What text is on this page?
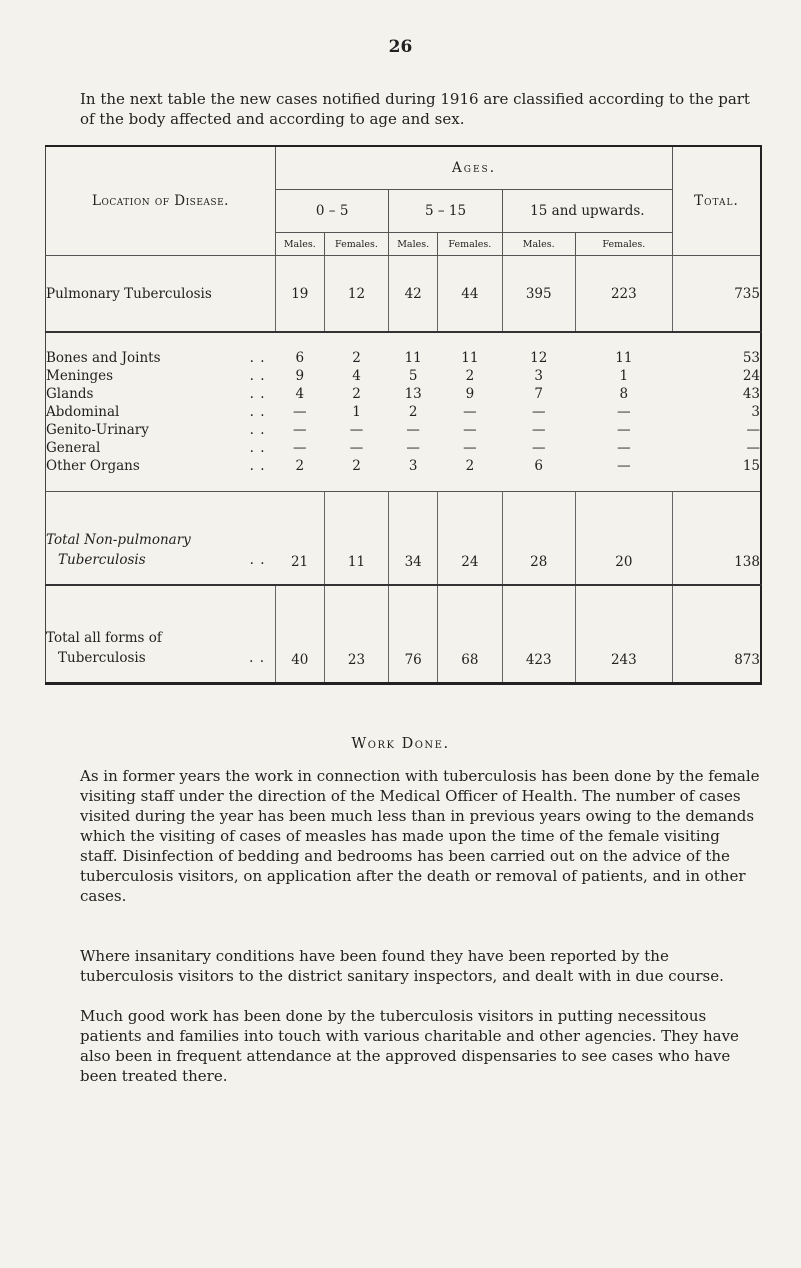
26
In the next table the new cases notified during 1916 are classified according to the part of the body affected and according to age and sex.
Location of Disease.	Ages.						Total.
	0 – 5		5 – 15		15 and upwards.		
	Males.	Females.	Males.	Females.	Males.	Females.	
Pulmonary Tuberculosis	19	12	42	44	395	223	735
Bones and Joints . .	6	2	11	11	12	11	53
Meninges . .	9	4	5	2	3	1	24
Glands . .	4	2	13	9	7	8	43
Abdominal . .	—	1	2	—	—	—	3
Genito-Urinary . .	—	—	—	—	—	—	—
General . .	—	—	—	—	—	—	—
Other Organs . .	2	2	3	2	6	—	15

Total Non-pulmonary
Tuberculosis . .	21	11	34	24	28	20	138

Total all forms of
Tuberculosis . .	40	23	76	68	423	243	873
Work Done.
As in former years the work in connection with tuberculosis has been done by the female visiting staff under the direction of the Medical Officer of Health. The number of cases visited during the year has been much less than in previous years owing to the demands which the visiting of cases of measles has made upon the time of the female visiting staff. Disinfection of bedding and bedrooms has been carried out on the advice of the tuberculosis visitors, on application after the death or removal of patients, and in other cases.
Where insanitary conditions have been found they have been reported by the tuberculosis visitors to the district sanitary inspectors, and dealt with in due course.
Much good work has been done by the tuberculosis visitors in putting necessitous patients and families into touch with various charitable and other agencies. They have also been in frequent attendance at the approved dispensaries to see cases who have been treated there.
